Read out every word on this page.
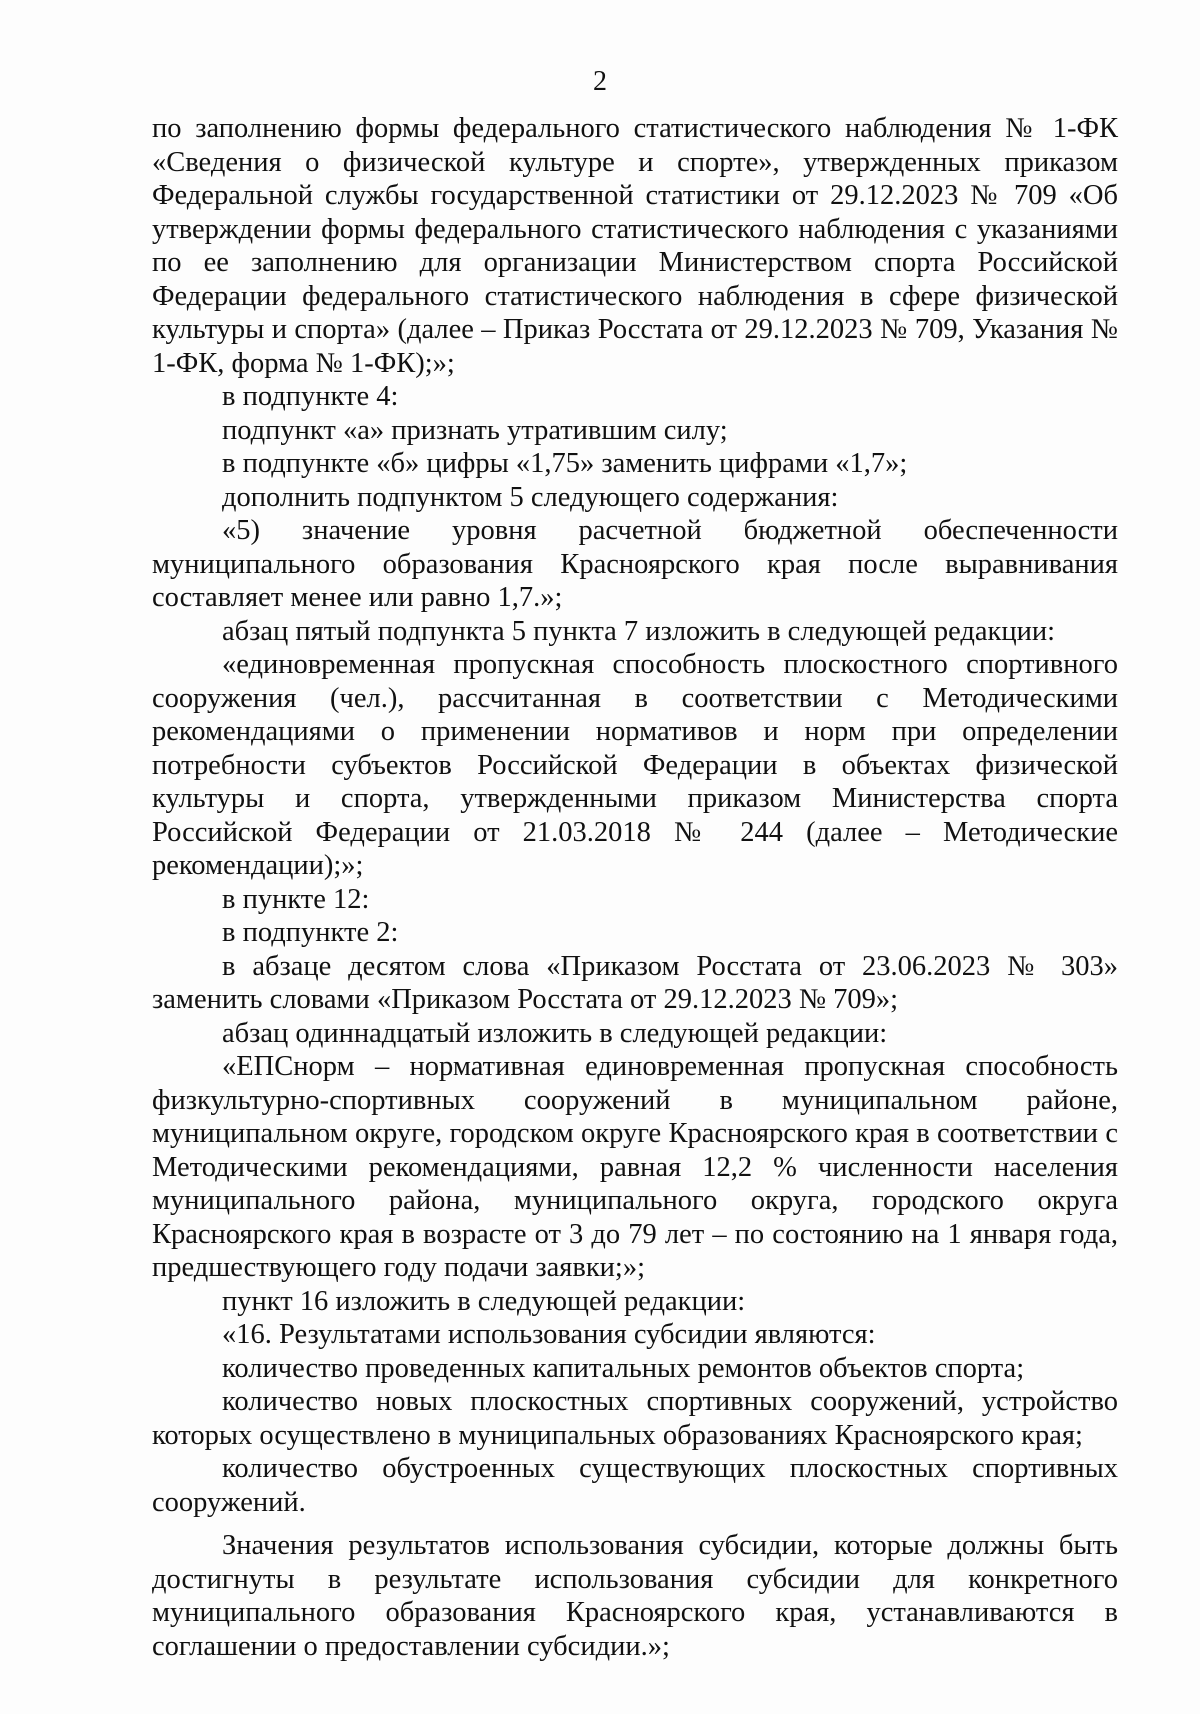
2

по заполнению формы федерального статистического наблюдения № 1-ФК «Сведения о физической культуре и спорте», утвержденных приказом Федеральной службы государственной статистики от 29.12.2023 № 709 «Об утверждении формы федерального статистического наблюдения с указаниями по ее заполнению для организации Министерством спорта Российской Федерации федерального статистического наблюдения в сфере физической культуры и спорта» (далее – Приказ Росстата от 29.12.2023 № 709, Указания № 1-ФК, форма № 1-ФК);»;

в подпункте 4:

подпункт «а» признать утратившим силу;

в подпункте «б» цифры «1,75» заменить цифрами «1,7»;

дополнить подпунктом 5 следующего содержания:

«5) значение уровня расчетной бюджетной обеспеченности муниципального образования Красноярского края после выравнивания составляет менее или равно 1,7.»;

абзац пятый подпункта 5 пункта 7 изложить в следующей редакции:

«единовременная пропускная способность плоскостного спортивного сооружения (чел.), рассчитанная в соответствии с Методическими рекомендациями о применении нормативов и норм при определении потребности субъектов Российской Федерации в объектах физической культуры и спорта, утвержденными приказом Министерства спорта Российской Федерации от 21.03.2018 № 244 (далее – Методические рекомендации);»;

в пункте 12:

в подпункте 2:

в абзаце десятом слова «Приказом Росстата от 23.06.2023 № 303» заменить словами «Приказом Росстата от 29.12.2023 № 709»;

абзац одиннадцатый изложить в следующей редакции:

«ЕПСнорм – нормативная единовременная пропускная способность физкультурно-спортивных сооружений в муниципальном районе, муниципальном округе, городском округе Красноярского края в соответствии с Методическими рекомендациями, равная 12,2 % численности населения муниципального района, муниципального округа, городского округа Красноярского края в возрасте от 3 до 79 лет – по состоянию на 1 января года, предшествующего году подачи заявки;»;

пункт 16 изложить в следующей редакции:

«16. Результатами использования субсидии являются:

количество проведенных капитальных ремонтов объектов спорта;

количество новых плоскостных спортивных сооружений, устройство которых осуществлено в муниципальных образованиях Красноярского края;

количество обустроенных существующих плоскостных спортивных сооружений.

Значения результатов использования субсидии, которые должны быть достигнуты в результате использования субсидии для конкретного муниципального образования Красноярского края, устанавливаются в соглашении о предоставлении субсидии.»;
